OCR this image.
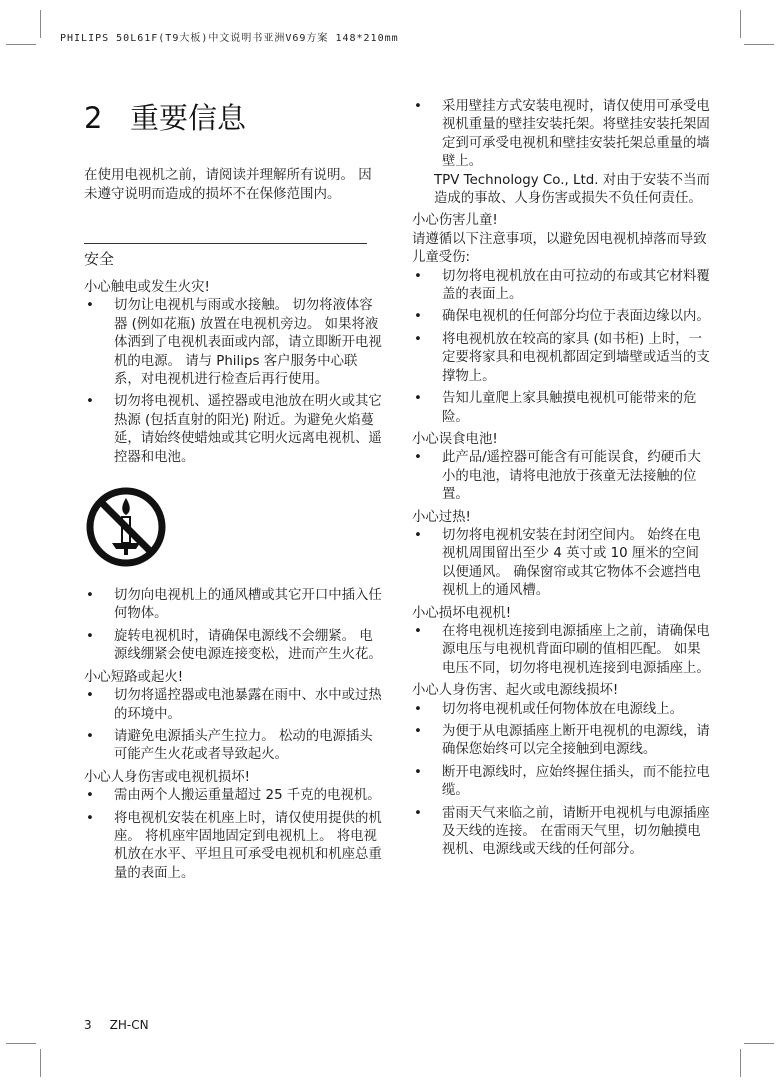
PHILIPS 50L61F(T9大板)中文说明书亚洲V69方案 148*210mm
2 重要信息
在使用电视机之前，请阅读并理解所有说明。 因未遵守说明而造成的损坏不在保修范围内。
安全

小心触电或发生火灾!

• 切勿让电视机与雨或水接触。 切勿将液体容器 (例如花瓶) 放置在电视机旁边。 如果将液体洒到了电视机表面或内部，请立即断开电视机的电源。 请与 Philips 客户服务中心联系，对电视机进行检查后再行使用。
• 切勿将电视机、遥控器或电池放在明火或其它热源 (包括直射的阳光) 附近。为避免火焰蔓延，请始终使蜡烛或其它明火远离电视机、遥控器和电池。
• 切勿向电视机上的通风槽或其它开口中插入任何物体。
• 旋转电视机时，请确保电源线不会绷紧。 电源线绷紧会使电源连接变松，进而产生火花。

小心短路或起火!

• 切勿将遥控器或电池暴露在雨中、水中或过热的环境中。
• 请避免电源插头产生拉力。 松动的电源插头可能产生火花或者导致起火。

小心人身伤害或电视机损坏!

• 需由两个人搬运重量超过 25 千克的电视机。
• 将电视机安装在机座上时，请仅使用提供的机座。 将机座牢固地固定到电视机上。 将电视机放在水平、平坦且可承受电视机和机座总重量的表面上。
• 采用壁挂方式安装电视时，请仅使用可承受电视机重量的壁挂安装托架。将壁挂安装托架固定到可承受电视机和壁挂安装托架总重量的墙壁上。

TPV Technology Co., Ltd. 对由于安装不当而造成的事故、人身伤害或损失不负任何责任。

小心伤害儿童!

请遵循以下注意事项，以避免因电视机掉落而导致儿童受伤:

• 切勿将电视机放在由可拉动的布或其它材料覆盖的表面上。
• 确保电视机的任何部分均位于表面边缘以内。
• 将电视机放在较高的家具 (如书柜) 上时，一定要将家具和电视机都固定到墙壁或适当的支撑物上。
• 告知儿童爬上家具触摸电视机可能带来的危险。

小心误食电池!

• 此产品/遥控器可能含有可能误食，约硬币大小的电池，请将电池放于孩童无法接触的位置。

小心过热!

• 切勿将电视机安装在封闭空间内。 始终在电视机周围留出至少 4 英寸或 10 厘米的空间以便通风。 确保窗帘或其它物体不会遮挡电视机上的通风槽。

小心损坏电视机!

• 在将电视机连接到电源插座上之前，请确保电源电压与电视机背面印刷的值相匹配。 如果电压不同，切勿将电视机连接到电源插座上。

小心人身伤害、起火或电源线损坏!

• 切勿将电视机或任何物体放在电源线上。
• 为便于从电源插座上断开电视机的电源线，请确保您始终可以完全接触到电源线。
• 断开电源线时，应始终握住插头，而不能拉电缆。
• 雷雨天气来临之前，请断开电视机与电源插座及天线的连接。 在雷雨天气里，切勿触摸电视机、电源线或天线的任何部分。
3 ZH-CN
